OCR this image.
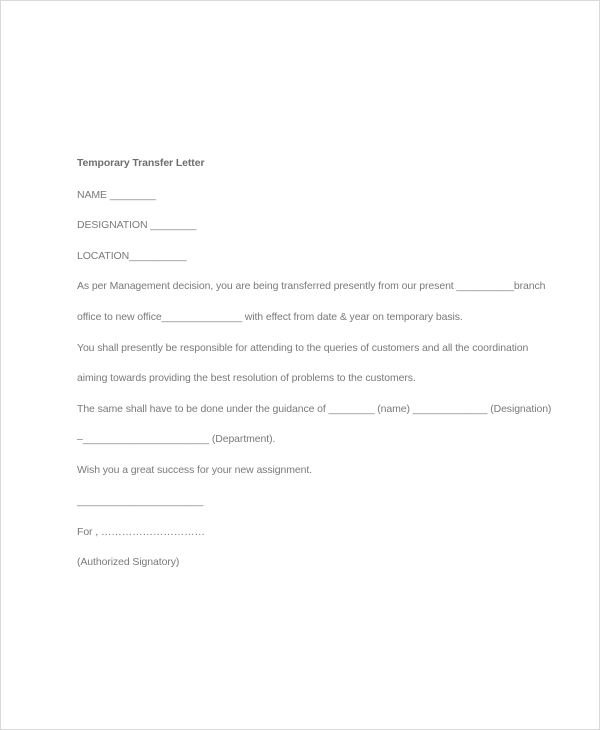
Temporary Transfer Letter
NAME ________
DESIGNATION ________
LOCATION__________
As per Management decision, you are being transferred presently from our present __________branch
office to new office______________ with effect from date & year on temporary basis.
You shall presently be responsible for attending to the queries of customers and all the coordination
aiming towards providing the best resolution of problems to the customers.
The same shall have to be done under the guidance of ________ (name) _____________ (Designation)
–______________________ (Department).
Wish you a great success for your new assignment.
______________________
For , …………………………
(Authorized Signatory)
